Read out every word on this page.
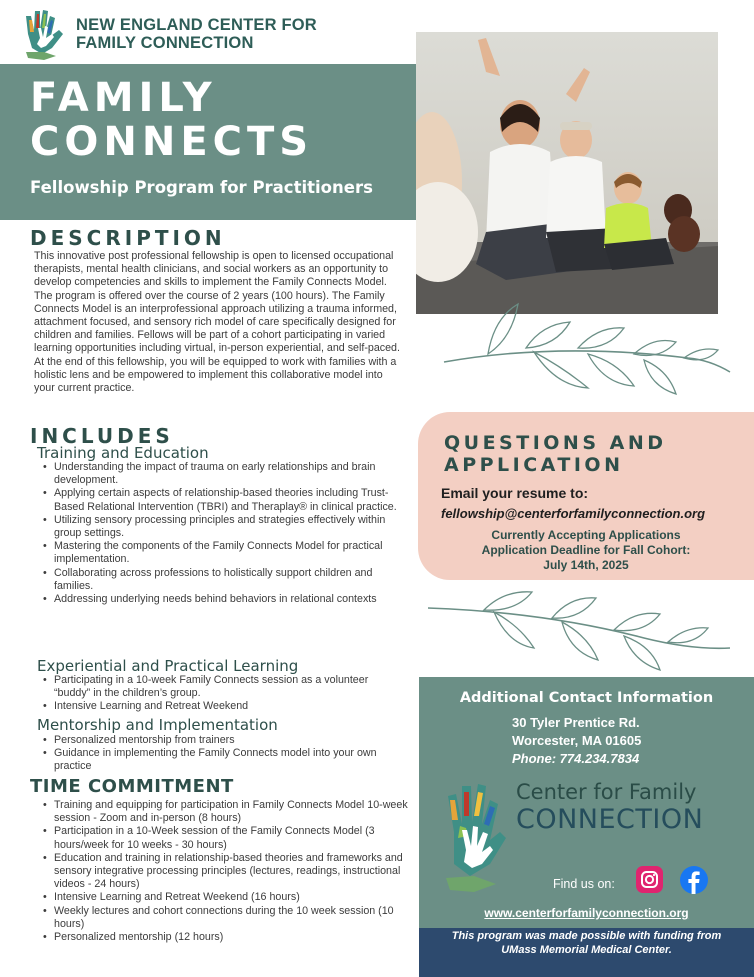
NEW ENGLAND CENTER FOR
FAMILY CONNECTION
FAMILY
CONNECTS
Fellowship Program for Practitioners
DESCRIPTION

This innovative post professional fellowship is open to licensed occupational therapists, mental health clinicians, and social workers as an opportunity to develop competencies and skills to implement the Family Connects Model. The program is offered over the course of 2 years (100 hours). The Family Connects Model is an interprofessional approach utilizing a trauma informed, attachment focused, and sensory rich model of care specifically designed for children and families. Fellows will be part of a cohort participating in varied learning opportunities including virtual, in-person experiential, and self-paced. At the end of this fellowship, you will be equipped to work with families with a holistic lens and be empowered to implement this collaborative model into your current practice.

INCLUDES
Training and Education
• Understanding the impact of trauma on early relationships and brain development.
• Applying certain aspects of relationship-based theories including Trust-Based Relational Intervention (TBRI) and Theraplay® in clinical practice.
• Utilizing sensory processing principles and strategies effectively within group settings.
• Mastering the components of the Family Connects Model for practical implementation.
• Collaborating across professions to holistically support children and families.
• Addressing underlying needs behind behaviors in relational contexts
Experiential and Practical Learning
• Participating in a 10-week Family Connects session as a volunteer “buddy” in the children’s group.
• Intensive Learning and Retreat Weekend
Mentorship and Implementation
• Personalized mentorship from trainers
• Guidance in implementing the Family Connects model into your own practice
TIME COMMITMENT
• Training and equipping for participation in Family Connects Model 10-week session - Zoom and in-person (8 hours)
• Participation in a 10-Week session of the Family Connects Model (3 hours/week for 10 weeks - 30 hours)
• Education and training in relationship-based theories and frameworks and sensory integrative processing principles (lectures, readings, instructional videos - 24 hours)
• Intensive Learning and Retreat Weekend (16 hours)
• Weekly lectures and cohort connections during the 10 week session (10 hours)
• Personalized mentorship (12 hours)
QUESTIONS AND
APPLICATION
Email your resume to:
fellowship@centerforfamilyconnection.org
Currently Accepting Applications
Application Deadline for Fall Cohort:
July 14th, 2025
Additional Contact Information
30 Tyler Prentice Rd.
Worcester, MA 01605
Phone: 774.234.7834
Center for Family
CONNECTION
Find us on:
www.centerforfamilyconnection.org
This program was made possible with funding from
UMass Memorial Medical Center.
